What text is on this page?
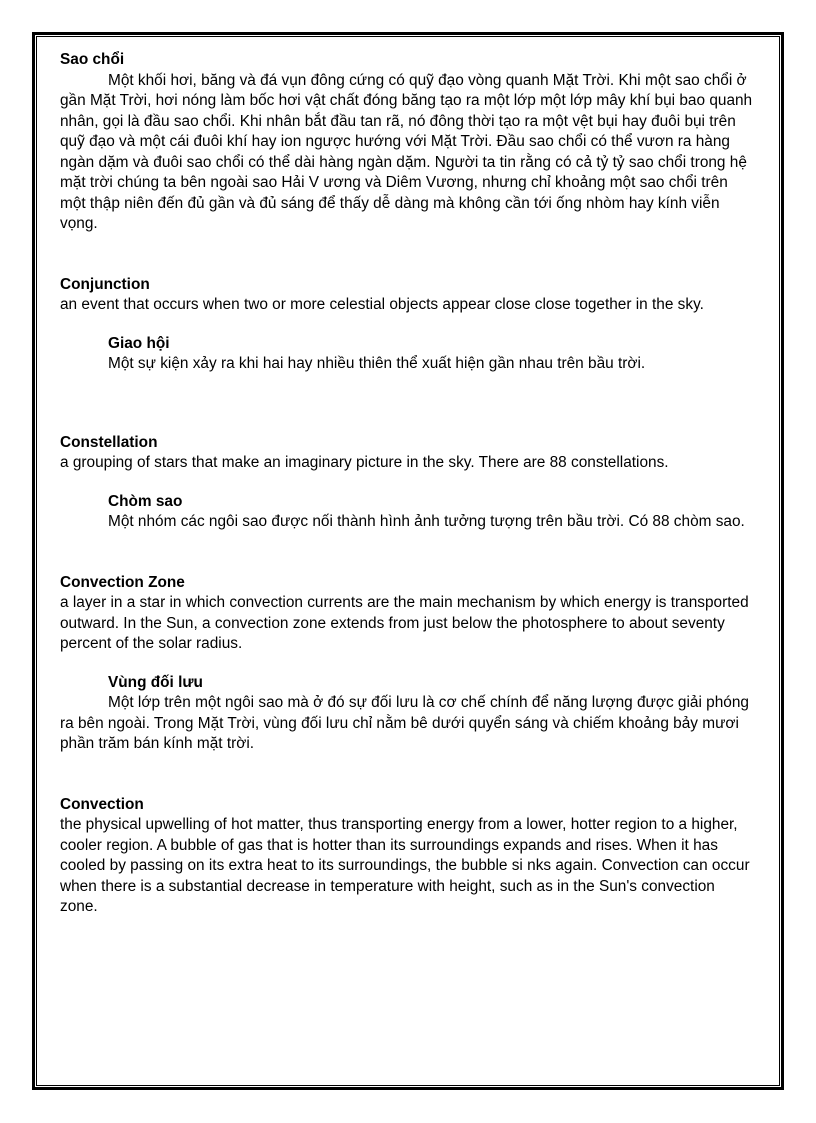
Sao chổi

Một khối hơi, băng và đá vụn đông cứng có quỹ đạo vòng quanh Mặt Trời. Khi một sao chổi ở gần Mặt Trời, hơi nóng làm bốc hơi vật chất đóng băng tạo ra một lớp một lớp mây khí bụi bao quanh nhân, gọi là đầu sao chổi. Khi nhân bắt đầu tan rã, nó đông thời tạo ra một vệt bụi hay đuôi bụi trên quỹ đạo và một cái đuôi khí hay ion ngược hướng với Mặt Trời. Đầu sao chổi có thể vươn ra hàng ngàn dặm và đuôi sao chổi có thể dài hàng ngàn dặm. Người ta tin rằng có cả tỷ tỷ sao chổi trong hệ mặt trời chúng ta bên ngoài sao Hải V ương và Diêm Vương, nhưng chỉ khoảng một sao chổi trên một thập niên đến đủ gần và đủ sáng để thấy dễ dàng mà không cần tới ống nhòm hay kính viễn vọng.

Conjunction

an event that occurs when two or more celestial objects appear close close together in the sky.

Giao hội

Một sự kiện xảy ra khi hai hay nhiều thiên thể xuất hiện gần nhau trên bầu trời.

Constellation

a grouping of stars that make an imaginary picture in the sky. There are 88 constellations.

Chòm sao

Một nhóm các ngôi sao được nối thành hình ảnh tưởng tượng trên bầu trời. Có 88 chòm sao.

Convection Zone

a layer in a star in which convection currents are the main mechanism by which energy is transported outward. In the Sun, a convection zone extends from just below the photosphere to about seventy percent of the solar radius.

Vùng đối lưu

Một lớp trên một ngôi sao mà ở đó sự đối lưu là cơ chế chính để năng lượng được giải phóng ra bên ngoài. Trong Mặt Trời, vùng đối lưu chỉ nằm bê dưới quyển sáng và chiếm khoảng bảy mươi phần trăm bán kính mặt trời.

Convection

the physical upwelling of hot matter, thus transporting energy from a lower, hotter region to a higher, cooler region. A bubble of gas that is hotter than its surroundings expands and rises. When it has cooled by passing on its extra heat to its surroundings, the bubble si nks again. Convection can occur when there is a substantial decrease in temperature with height, such as in the Sun's convection zone.
